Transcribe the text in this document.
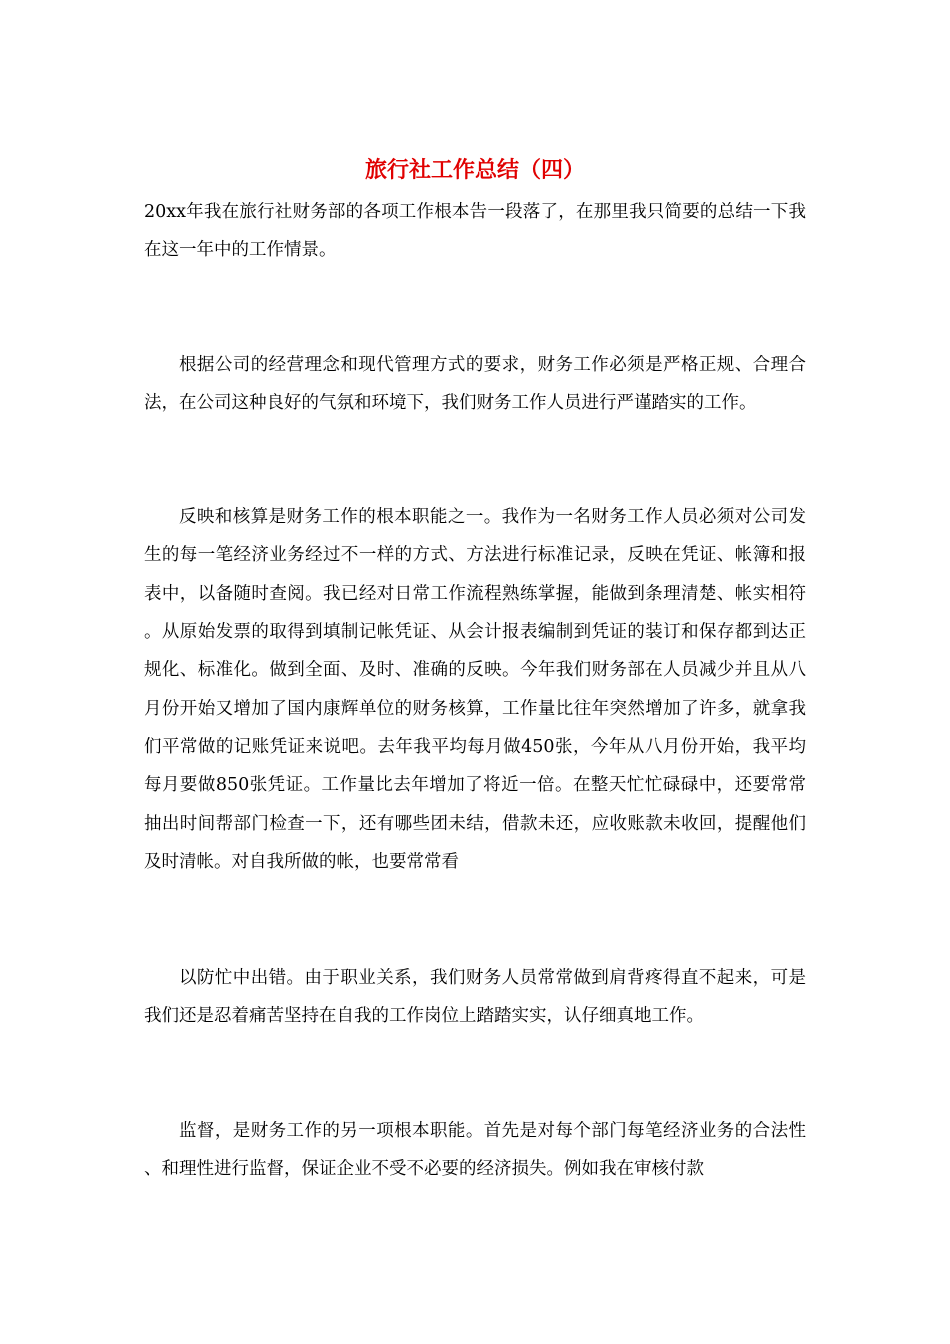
旅行社工作总结（四）

20xx年我在旅行社财务部的各项工作根本告一段落了，在那里我只简要的总结一下我在这一年中的工作情景。

根据公司的经营理念和现代管理方式的要求，财务工作必须是严格正规、合理合法，在公司这种良好的气氛和环境下，我们财务工作人员进行严谨踏实的工作。

反映和核算是财务工作的根本职能之一。我作为一名财务工作人员必须对公司发生的每一笔经济业务经过不一样的方式、方法进行标准记录，反映在凭证、帐簿和报表中，以备随时查阅。我已经对日常工作流程熟练掌握，能做到条理清楚、帐实相符。从原始发票的取得到填制记帐凭证、从会计报表编制到凭证的装订和保存都到达正规化、标准化。做到全面、及时、准确的反映。今年我们财务部在人员减少并且从八月份开始又增加了国内康辉单位的财务核算，工作量比往年突然增加了许多，就拿我们平常做的记账凭证来说吧。去年我平均每月做450张，今年从八月份开始，我平均每月要做850张凭证。工作量比去年增加了将近一倍。在整天忙忙碌碌中，还要常常抽出时间帮部门检查一下，还有哪些团未结，借款未还，应收账款未收回，提醒他们及时清帐。对自我所做的帐，也要常常看

以防忙中出错。由于职业关系，我们财务人员常常做到肩背疼得直不起来，可是我们还是忍着痛苦坚持在自我的工作岗位上踏踏实实，认仔细真地工作。

监督，是财务工作的另一项根本职能。首先是对每个部门每笔经济业务的合法性、和理性进行监督，保证企业不受不必要的经济损失。例如我在审核付款
